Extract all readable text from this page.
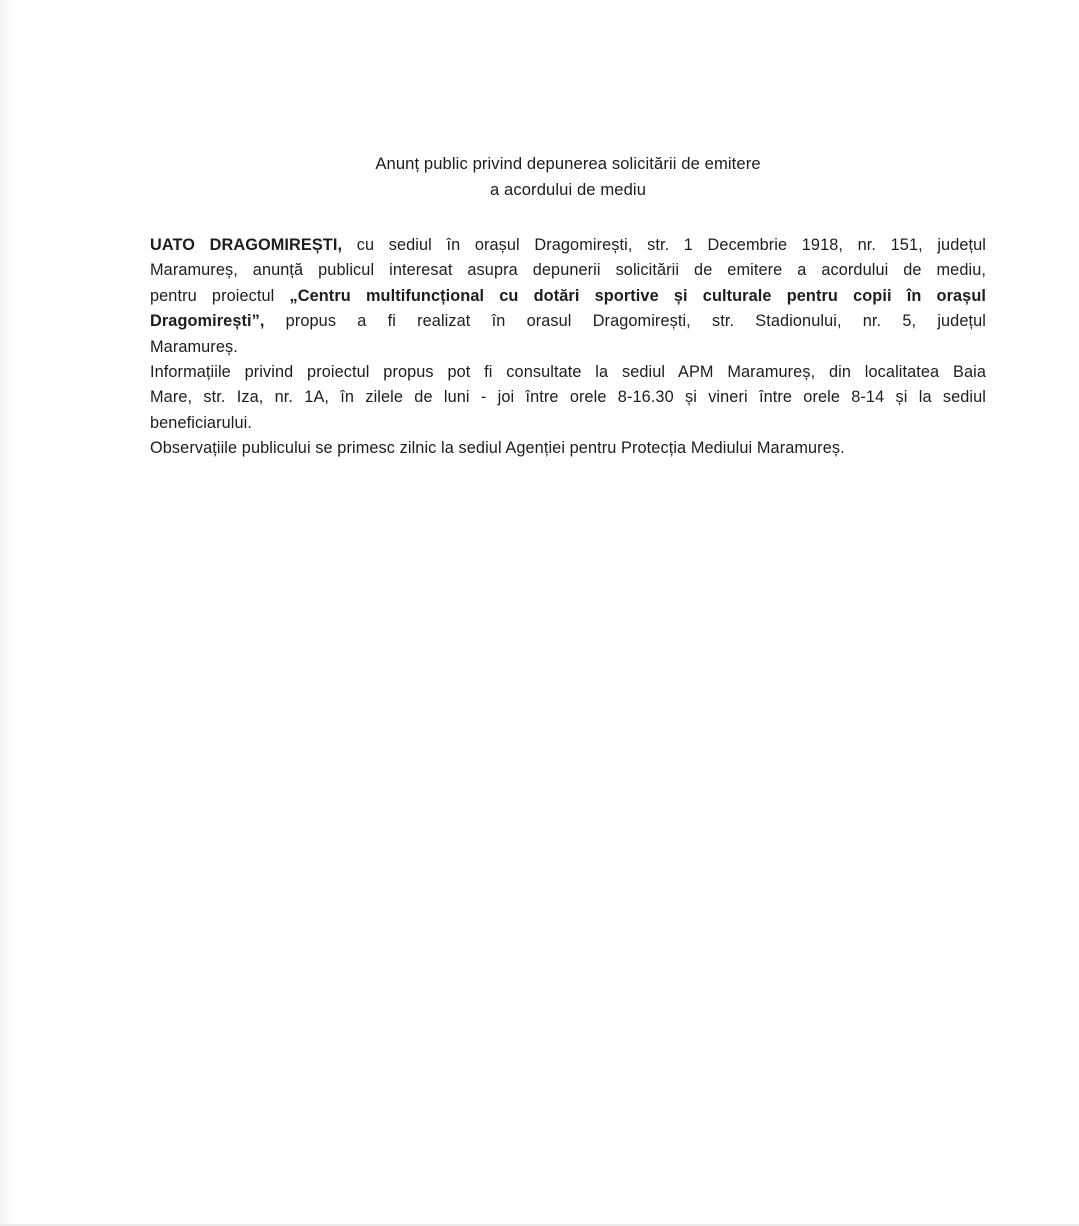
Anunț public privind depunerea solicitării de emitere
a acordului de mediu
UATO DRAGOMIREȘTI, cu sediul în orașul Dragomirești, str. 1 Decembrie 1918, nr. 151, județul
Maramureș, anunță publicul interesat asupra depunerii solicitării de emitere a acordului de mediu,
pentru proiectul „Centru multifuncțional cu dotări sportive și culturale pentru copii în orașul
Dragomirești”, propus a fi realizat în orasul Dragomirești, str. Stadionului, nr. 5, județul
Maramureș.
Informațiile privind proiectul propus pot fi consultate la sediul APM Maramureș, din localitatea Baia
Mare, str. Iza, nr. 1A, în zilele de luni - joi între orele 8-16.30 și vineri între orele 8-14 și la sediul
beneficiarului.
Observațiile publicului se primesc zilnic la sediul Agenției pentru Protecția Mediului Maramureș.
